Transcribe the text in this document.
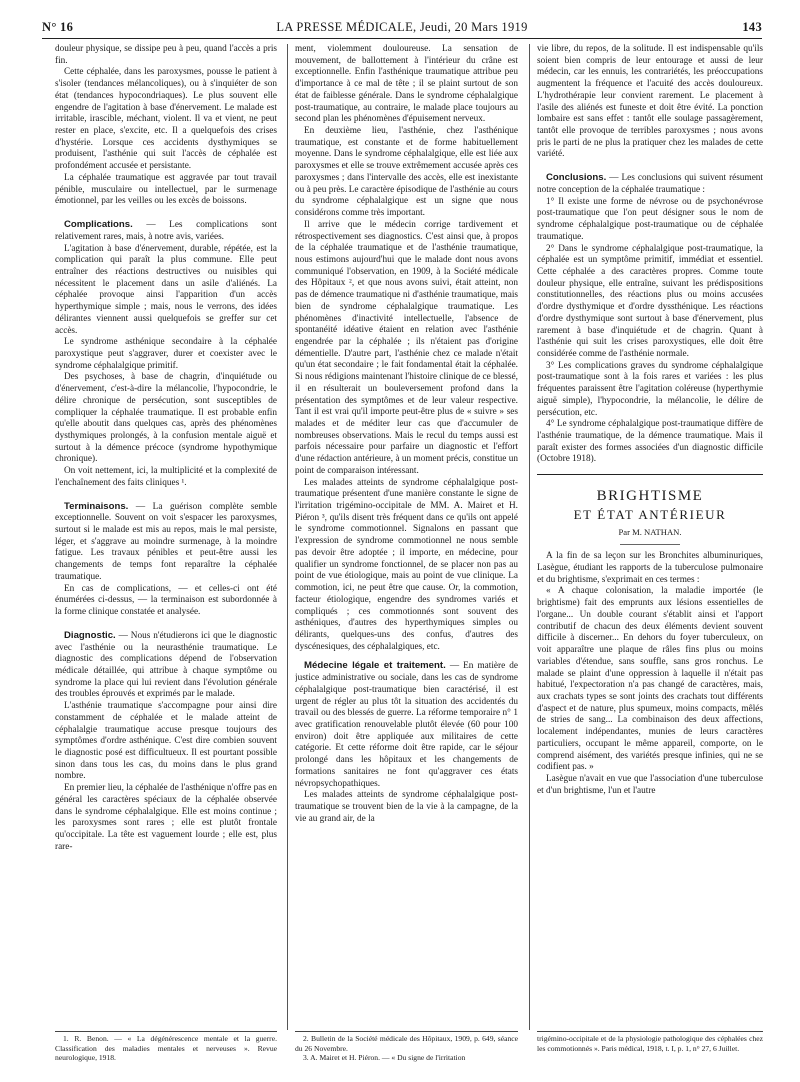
N° 16	LA PRESSE MÉDICALE, Jeudi, 20 Mars 1919	143

douleur physique, se dissipe peu à peu, quand l'accès a pris fin.

Cette céphalée, dans les paroxysmes, pousse le patient à s'isoler (tendances mélancoliques), ou à s'inquiéter de son état (tendances hypocondriaques). Le plus souvent elle engendre de l'agitation à base d'énervement. Le malade est irritable, irascible, méchant, violent. Il va et vient, ne peut rester en place, s'excite, etc. Il a quelquefois des crises d'hystérie. Lorsque ces accidents dysthymiques se produisent, l'asthénie qui suit l'accès de céphalée est profondément accusée et persistante.

La céphalée traumatique est aggravée par tout travail pénible, musculaire ou intellectuel, par le surmenage émotionnel, par les veilles ou les excès de boissons.

Complications. — Les complications sont relativement rares, mais, à notre avis, variées.

L'agitation à base d'énervement, durable, répétée, est la complication qui paraît la plus commune. Elle peut entraîner des réactions destructives ou nuisibles qui nécessitent le placement dans un asile d'aliénés. La céphalée provoque ainsi l'apparition d'un accès hyperthymique simple ; mais, nous le verrons, des idées délirantes viennent aussi quelquefois se greffer sur cet accès.

Le syndrome asthénique secondaire à la céphalée paroxystique peut s'aggraver, durer et coexister avec le syndrome céphalalgique primitif.

Des psychoses, à base de chagrin, d'inquiétude ou d'énervement, c'est-à-dire la mélancolie, l'hypocondrie, le délire chronique de persécution, sont susceptibles de compliquer la céphalée traumatique. Il est probable enfin qu'elle aboutit dans quelques cas, après des phénomènes dysthymiques prolongés, à la confusion mentale aiguë et surtout à la démence précoce (syndrome hypothymique chronique).

On voit nettement, ici, la multiplicité et la complexité de l'enchaînement des faits cliniques ¹.

Terminaisons. — La guérison complète semble exceptionnelle. Souvent on voit s'espacer les paroxysmes, surtout si le malade est mis au repos, mais le mal persiste, léger, et s'aggrave au moindre surmenage, à la moindre fatigue. Les travaux pénibles et peut-être aussi les changements de temps font reparaître la céphalée traumatique.

En cas de complications, — et celles-ci ont été énumérées ci-dessus, — la terminaison est subordonnée à la forme clinique constatée et analysée.

Diagnostic. — Nous n'étudierons ici que le diagnostic avec l'asthénie ou la neurasthénie traumatique. Le diagnostic des complications dépend de l'observation médicale détaillée, qui attribue à chaque symptôme ou syndrome la place qui lui revient dans l'évolution générale des troubles éprouvés et exprimés par le malade.

L'asthénie traumatique s'accompagne pour ainsi dire constamment de céphalée et le malade atteint de céphalalgie traumatique accuse presque toujours des symptômes d'ordre asthénique. C'est dire combien souvent le diagnostic posé est difficultueux. Il est pourtant possible sinon dans tous les cas, du moins dans le plus grand nombre.

En premier lieu, la céphalée de l'asthénique n'offre pas en général les caractères spéciaux de la céphalée observée dans le syndrome céphalalgique. Elle est moins continue ; les paroxysmes sont rares ; elle est plutôt frontale qu'occipitale. La tête est vaguement lourde ; elle est, plus rare-

ment, violemment douloureuse. La sensation de mouvement, de ballottement à l'intérieur du crâne est exceptionnelle. Enfin l'asthénique traumatique attribue peu d'importance à ce mal de tête ; il se plaint surtout de son état de faiblesse générale. Dans le syndrome céphalalgique post-traumatique, au contraire, le malade place toujours au second plan les phénomènes d'épuisement nerveux.

En deuxième lieu, l'asthénie, chez l'asthénique traumatique, est constante et de forme habituellement moyenne. Dans le syndrome céphalalgique, elle est liée aux paroxysmes et elle se trouve extrêmement accusée après ces paroxysmes ; dans l'intervalle des accès, elle est inexistante ou à peu près. Le caractère épisodique de l'asthénie au cours du syndrome céphalalgique est un signe que nous considérons comme très important.

Il arrive que le médecin corrige tardivement et rétrospectivement ses diagnostics. C'est ainsi que, à propos de la céphalée traumatique et de l'asthénie traumatique, nous estimons aujourd'hui que le malade dont nous avons communiqué l'observation, en 1909, à la Société médicale des Hôpitaux ², et que nous avons suivi, était atteint, non pas de démence traumatique ni d'asthénie traumatique, mais bien de syndrome céphalalgique traumatique. Les phénomènes d'inactivité intellectuelle, l'absence de spontanéité idéative étaient en relation avec l'asthénie engendrée par la céphalée ; ils n'étaient pas d'origine démentielle. D'autre part, l'asthénie chez ce malade n'était qu'un état secondaire ; le fait fondamental était la céphalée. Si nous rédigions maintenant l'histoire clinique de ce blessé, il en résulterait un bouleversement profond dans la présentation des symptômes et de leur valeur respective. Tant il est vrai qu'il importe peut-être plus de « suivre » ses malades et de méditer leur cas que d'accumuler de nombreuses observations. Mais le recul du temps aussi est parfois nécessaire pour parfaire un diagnostic et l'effort d'une rédaction antérieure, à un moment précis, constitue un point de comparaison intéressant.

Les malades atteints de syndrome céphalalgique post-traumatique présentent d'une manière constante le signe de l'irritation trigémino-occipitale de MM. A. Mairet et H. Piéron ³, qu'ils disent très fréquent dans ce qu'ils ont appelé le syndrome commotionnel. Signalons en passant que l'expression de syndrome commotionnel ne nous semble pas devoir être adoptée ; il importe, en médecine, pour qualifier un syndrome fonctionnel, de se placer non pas au point de vue étiologique, mais au point de vue clinique. La commotion, ici, ne peut être que cause. Or, la commotion, facteur étiologique, engendre des syndromes variés et compliqués ; ces commotionnés sont souvent des asthéniques, d'autres des hyperthymiques simples ou délirants, quelques-uns des confus, d'autres des dyscénesiques, des céphalalgiques, etc.

Médecine légale et traitement. — En matière de justice administrative ou sociale, dans les cas de syndrome céphalalgique post-traumatique bien caractérisé, il est urgent de régler au plus tôt la situation des accidentés du travail ou des blessés de guerre. La réforme temporaire n° 1 avec gratification renouvelable plutôt élevée (60 pour 100 environ) doit être appliquée aux militaires de cette catégorie. Et cette réforme doit être rapide, car le séjour prolongé dans les hôpitaux et les changements de formations sanitaires ne font qu'aggraver ces états névropsychopathiques.

Les malades atteints de syndrome céphalalgique post-traumatique se trouvent bien de la vie à la campagne, de la vie au grand air, de la

vie libre, du repos, de la solitude. Il est indispensable qu'ils soient bien compris de leur entourage et aussi de leur médecin, car les ennuis, les contrariétés, les préoccupations augmentent la fréquence et l'acuité des accès douloureux. L'hydrothérapie leur convient rarement. Le placement à l'asile des aliénés est funeste et doit être évité. La ponction lombaire est sans effet : tantôt elle soulage passagèrement, tantôt elle provoque de terribles paroxysmes ; nous avons pris le parti de ne plus la pratiquer chez les malades de cette variété.

Conclusions. — Les conclusions qui suivent résument notre conception de la céphalée traumatique :

1° Il existe une forme de névrose ou de psychonévrose post-traumatique que l'on peut désigner sous le nom de syndrome céphalalgique post-traumatique ou de céphalée traumatique.

2° Dans le syndrome céphalalgique post-traumatique, la céphalée est un symptôme primitif, immédiat et essentiel. Cette céphalée a des caractères propres. Comme toute douleur physique, elle entraîne, suivant les prédispositions constitutionnelles, des réactions plus ou moins accusées d'ordre dysthymique et d'ordre dyssthénique. Les réactions d'ordre dysthymique sont surtout à base d'énervement, plus rarement à base d'inquiétude et de chagrin. Quant à l'asthénie qui suit les crises paroxystiques, elle doit être considérée comme de l'asthénie normale.

3° Les complications graves du syndrome céphalalgique post-traumatique sont à la fois rares et variées : les plus fréquentes paraissent être l'agitation coléreuse (hyperthymie aiguë simple), l'hypocondrie, la mélancolie, le délire de persécution, etc.

4° Le syndrome céphalalgique post-traumatique diffère de l'asthénie traumatique, de la démence traumatique. Mais il paraît exister des formes associées d'un diagnostic difficile (Octobre 1918).

BRIGHTISME
ET ÉTAT ANTÉRIEUR
Par M. NATHAN.

A la fin de sa leçon sur les Bronchites albuminuriques, Lasègue, étudiant les rapports de la tuberculose pulmonaire et du brightisme, s'exprimait en ces termes :

« A chaque colonisation, la maladie importée (le brightisme) fait des emprunts aux lésions essentielles de l'organe... Un double courant s'établit ainsi et l'apport contributif de chacun des deux éléments devient souvent difficile à discerner... En dehors du foyer tuberculeux, on voit apparaître une plaque de râles fins plus ou moins variables d'étendue, sans souffle, sans gros ronchus. Le malade se plaint d'une oppression à laquelle il n'était pas habitué, l'expectoration n'a pas changé de caractères, mais, aux crachats types se sont joints des crachats tout différents d'aspect et de nature, plus spumeux, moins compacts, mêlés de stries de sang... La combinaison des deux affections, localement indépendantes, munies de leurs caractères particuliers, occupant le même appareil, comporte, on le comprend aisément, des variétés presque infinies, qui ne se codifient pas. »

Lasègue n'avait en vue que l'association d'une tuberculose et d'un brightisme, l'un et l'autre

1. R. Benon. — « La dégénérescence mentale et la guerre. Classification des maladies mentales et nerveuses ». Revue neurologique, 1918.

2. Bulletin de la Société médicale des Hôpitaux, 1909, p. 649, séance du 26 Novembre.

3. A. Mairet et H. Piéron. — « Du signe de l'irritation

trigémino-occipitale et de la physiologie pathologique des céphalées chez les commotionnés ». Paris médical, 1918, t. I, p. 1, n° 27, 6 Juillet.
